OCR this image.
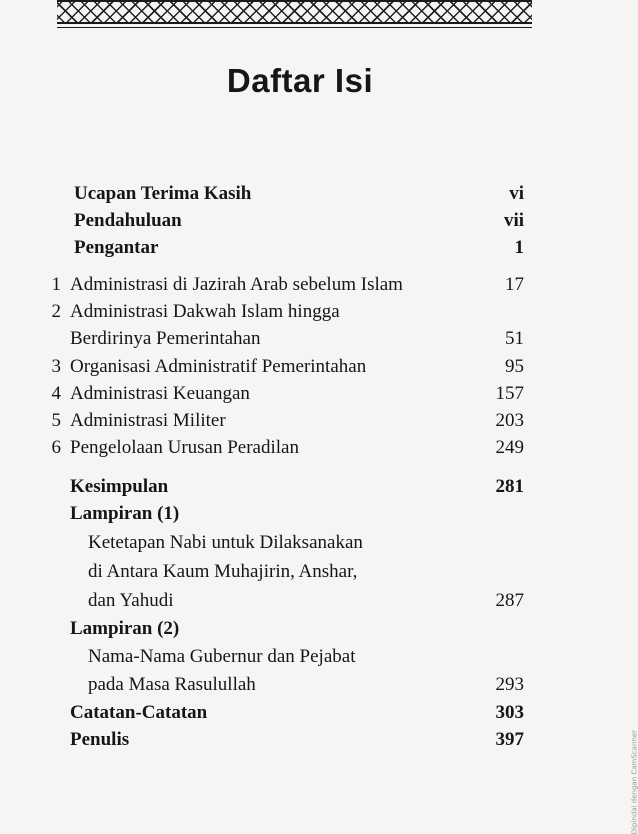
Daftar Isi
Ucapan Terima Kasih	vi
Pendahuluan	vii
Pengantar	1
1 Administrasi di Jazirah Arab sebelum Islam	17
2 Administrasi Dakwah Islam hingga
Berdirinya Pemerintahan	51
3 Organisasi Administratif Pemerintahan	95
4 Administrasi Keuangan	157
5 Administrasi Militer	203
6 Pengelolaan Urusan Peradilan	249
Kesimpulan	281
Lampiran (1)
Ketetapan Nabi untuk Dilaksanakan
di Antara Kaum Muhajirin, Anshar,
dan Yahudi	287
Lampiran (2)
Nama-Nama Gubernur dan Pejabat
pada Masa Rasulullah	293
Catatan-Catatan	303
Penulis	397	Dipindai dengan CamScanner
